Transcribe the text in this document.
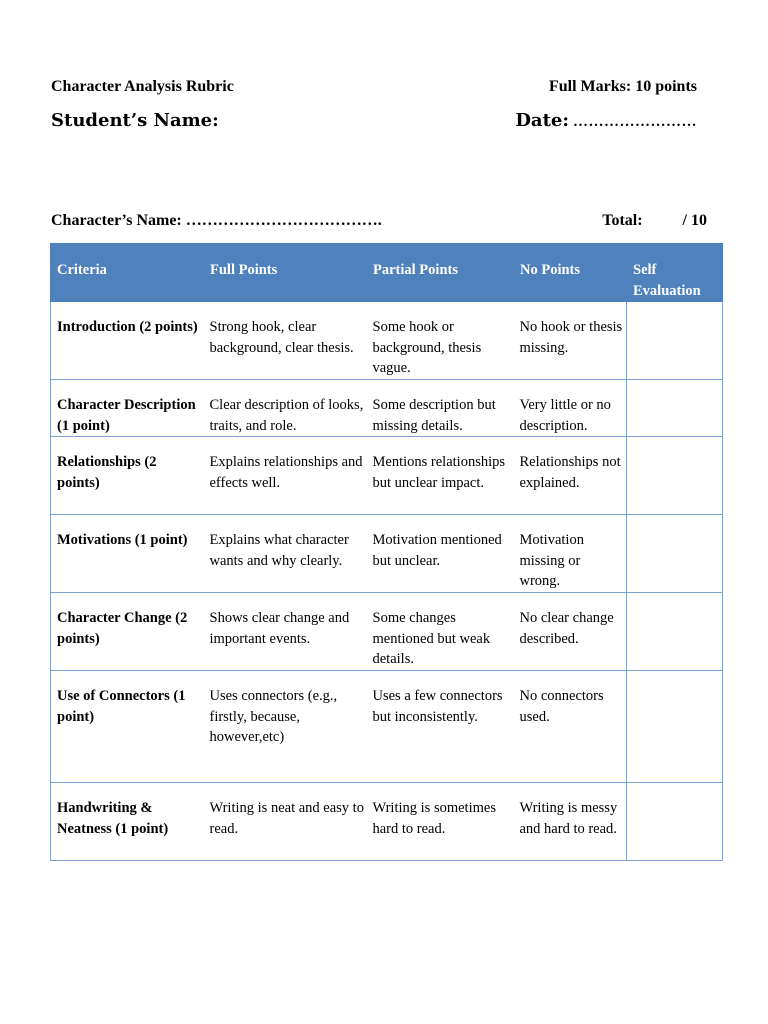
Character Analysis Rubric	Full Marks: 10 points
Student’s Name:	Date: ……………………
Character’s Name: ……………………………….	Total:	/ 10
Criteria	Full Points	Partial Points	No Points	Self Evaluation
Introduction (2 points)	Strong hook, clear background, clear thesis.	Some hook or background, thesis vague.	No hook or thesis missing.	
Character Description (1 point)	Clear description of looks, traits, and role.	Some description but missing details.	Very little or no description.	
Relationships (2 points)	Explains relationships and effects well.	Mentions relationships but unclear impact.	Relationships not explained.	
Motivations (1 point)	Explains what character wants and why clearly.	Motivation mentioned but unclear.	Motivation missing or wrong.	
Character Change (2 points)	Shows clear change and important events.	Some changes mentioned but weak details.	No clear change described.	
Use of Connectors (1 point)	Uses connectors (e.g., firstly, because, however,etc)	Uses a few connectors but inconsistently.	No connectors used.	
Handwriting & Neatness (1 point)	Writing is neat and easy to read.	Writing is sometimes hard to read.	Writing is messy and hard to read.	
